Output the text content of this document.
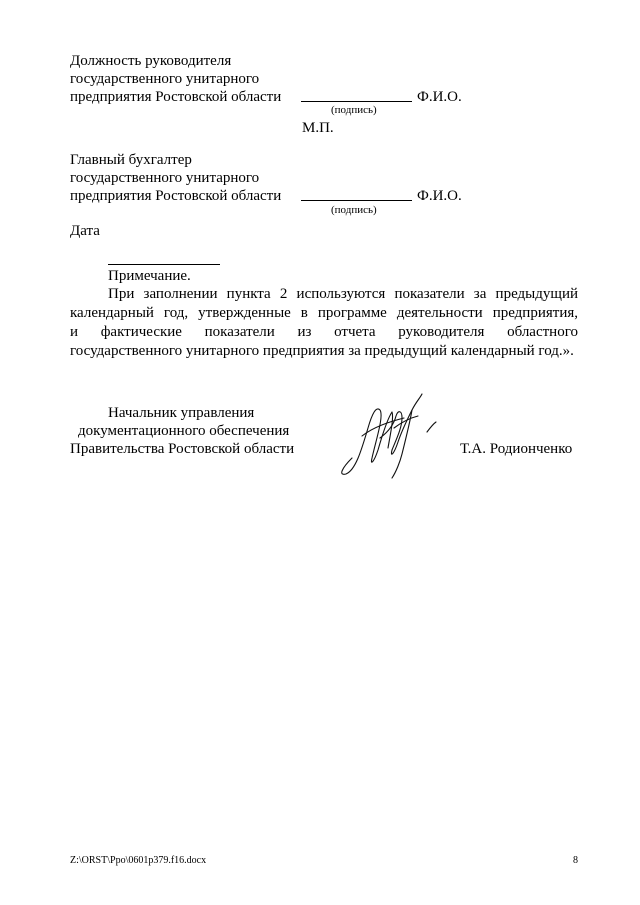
Должность руководителя
государственного унитарного
предприятия Ростовской области	Ф.И.О.
(подпись)
М.П.
Главный бухгалтер
государственного унитарного
предприятия Ростовской области	Ф.И.О.
(подпись)
Дата
Примечание.
При заполнении пункта 2 используются показатели за предыдущий
календарный год, утвержденные в программе деятельности предприятия,
и фактические показатели из отчета руководителя областного
государственного унитарного предприятия за предыдущий календарный год.».
Начальник управления
документационного обеспечения
Правительства Ростовской области	Т.А. Родионченко
Z:\ORST\Ppo\0601p379.f16.docx	8
